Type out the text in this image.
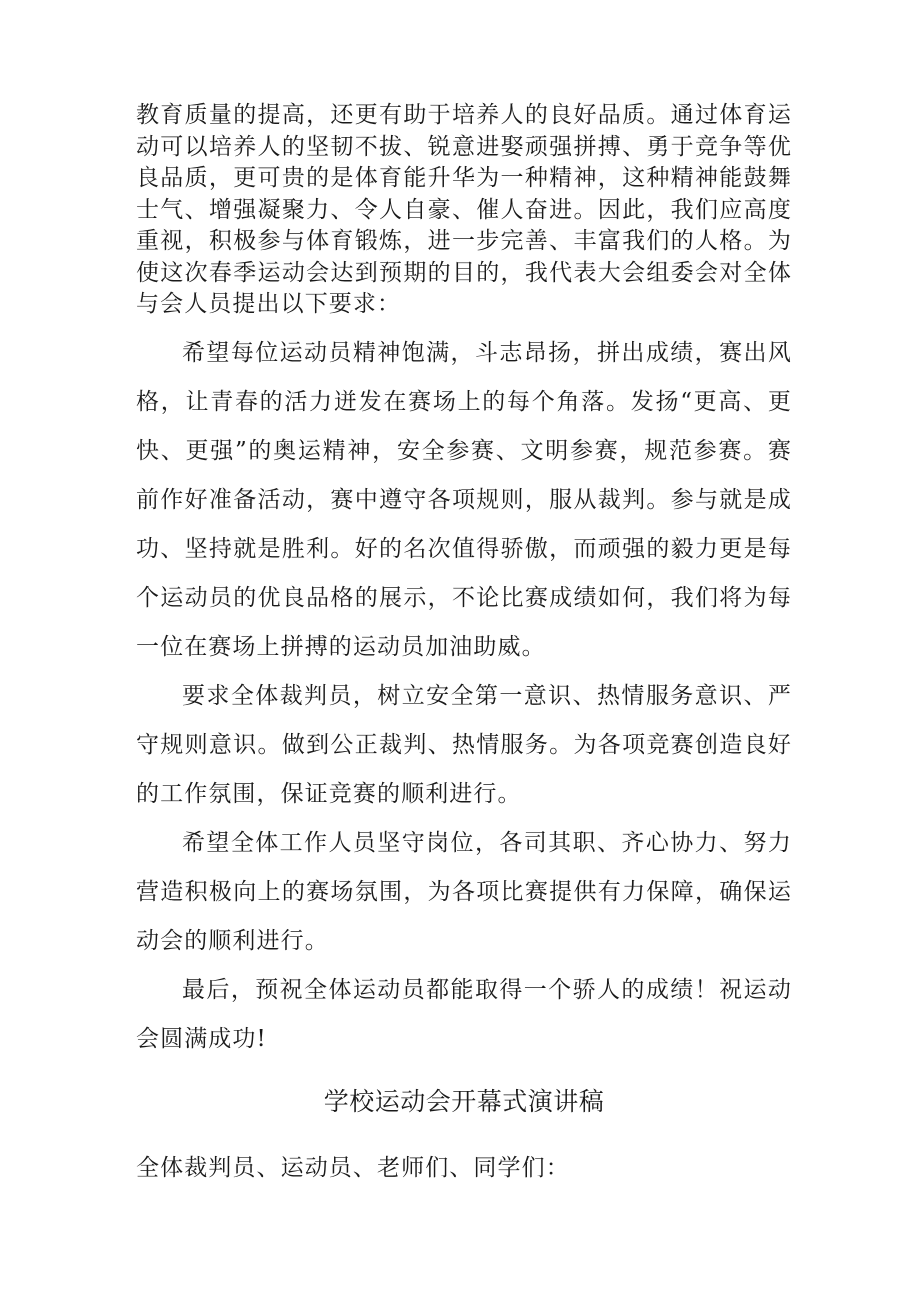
教育质量的提高，还更有助于培养人的良好品质。通过体育运动可以培养人的坚韧不拔、锐意进娶顽强拼搏、勇于竞争等优良品质，更可贵的是体育能升华为一种精神，这种精神能鼓舞士气、增强凝聚力、令人自豪、催人奋进。因此，我们应高度重视，积极参与体育锻炼，进一步完善、丰富我们的人格。为使这次春季运动会达到预期的目的，我代表大会组委会对全体与会人员提出以下要求：

希望每位运动员精神饱满，斗志昂扬，拼出成绩，赛出风格，让青春的活力迸发在赛场上的每个角落。发扬“更高、更快、更强”的奥运精神，安全参赛、文明参赛，规范参赛。赛前作好准备活动，赛中遵守各项规则，服从裁判。参与就是成功、坚持就是胜利。好的名次值得骄傲，而顽强的毅力更是每个运动员的优良品格的展示，不论比赛成绩如何，我们将为每一位在赛场上拼搏的运动员加油助威。

要求全体裁判员，树立安全第一意识、热情服务意识、严守规则意识。做到公正裁判、热情服务。为各项竞赛创造良好的工作氛围，保证竞赛的顺利进行。

希望全体工作人员坚守岗位，各司其职、齐心协力、努力营造积极向上的赛场氛围，为各项比赛提供有力保障，确保运动会的顺利进行。

最后，预祝全体运动员都能取得一个骄人的成绩！祝运动会圆满成功!

学校运动会开幕式演讲稿

全体裁判员、运动员、老师们、同学们：
